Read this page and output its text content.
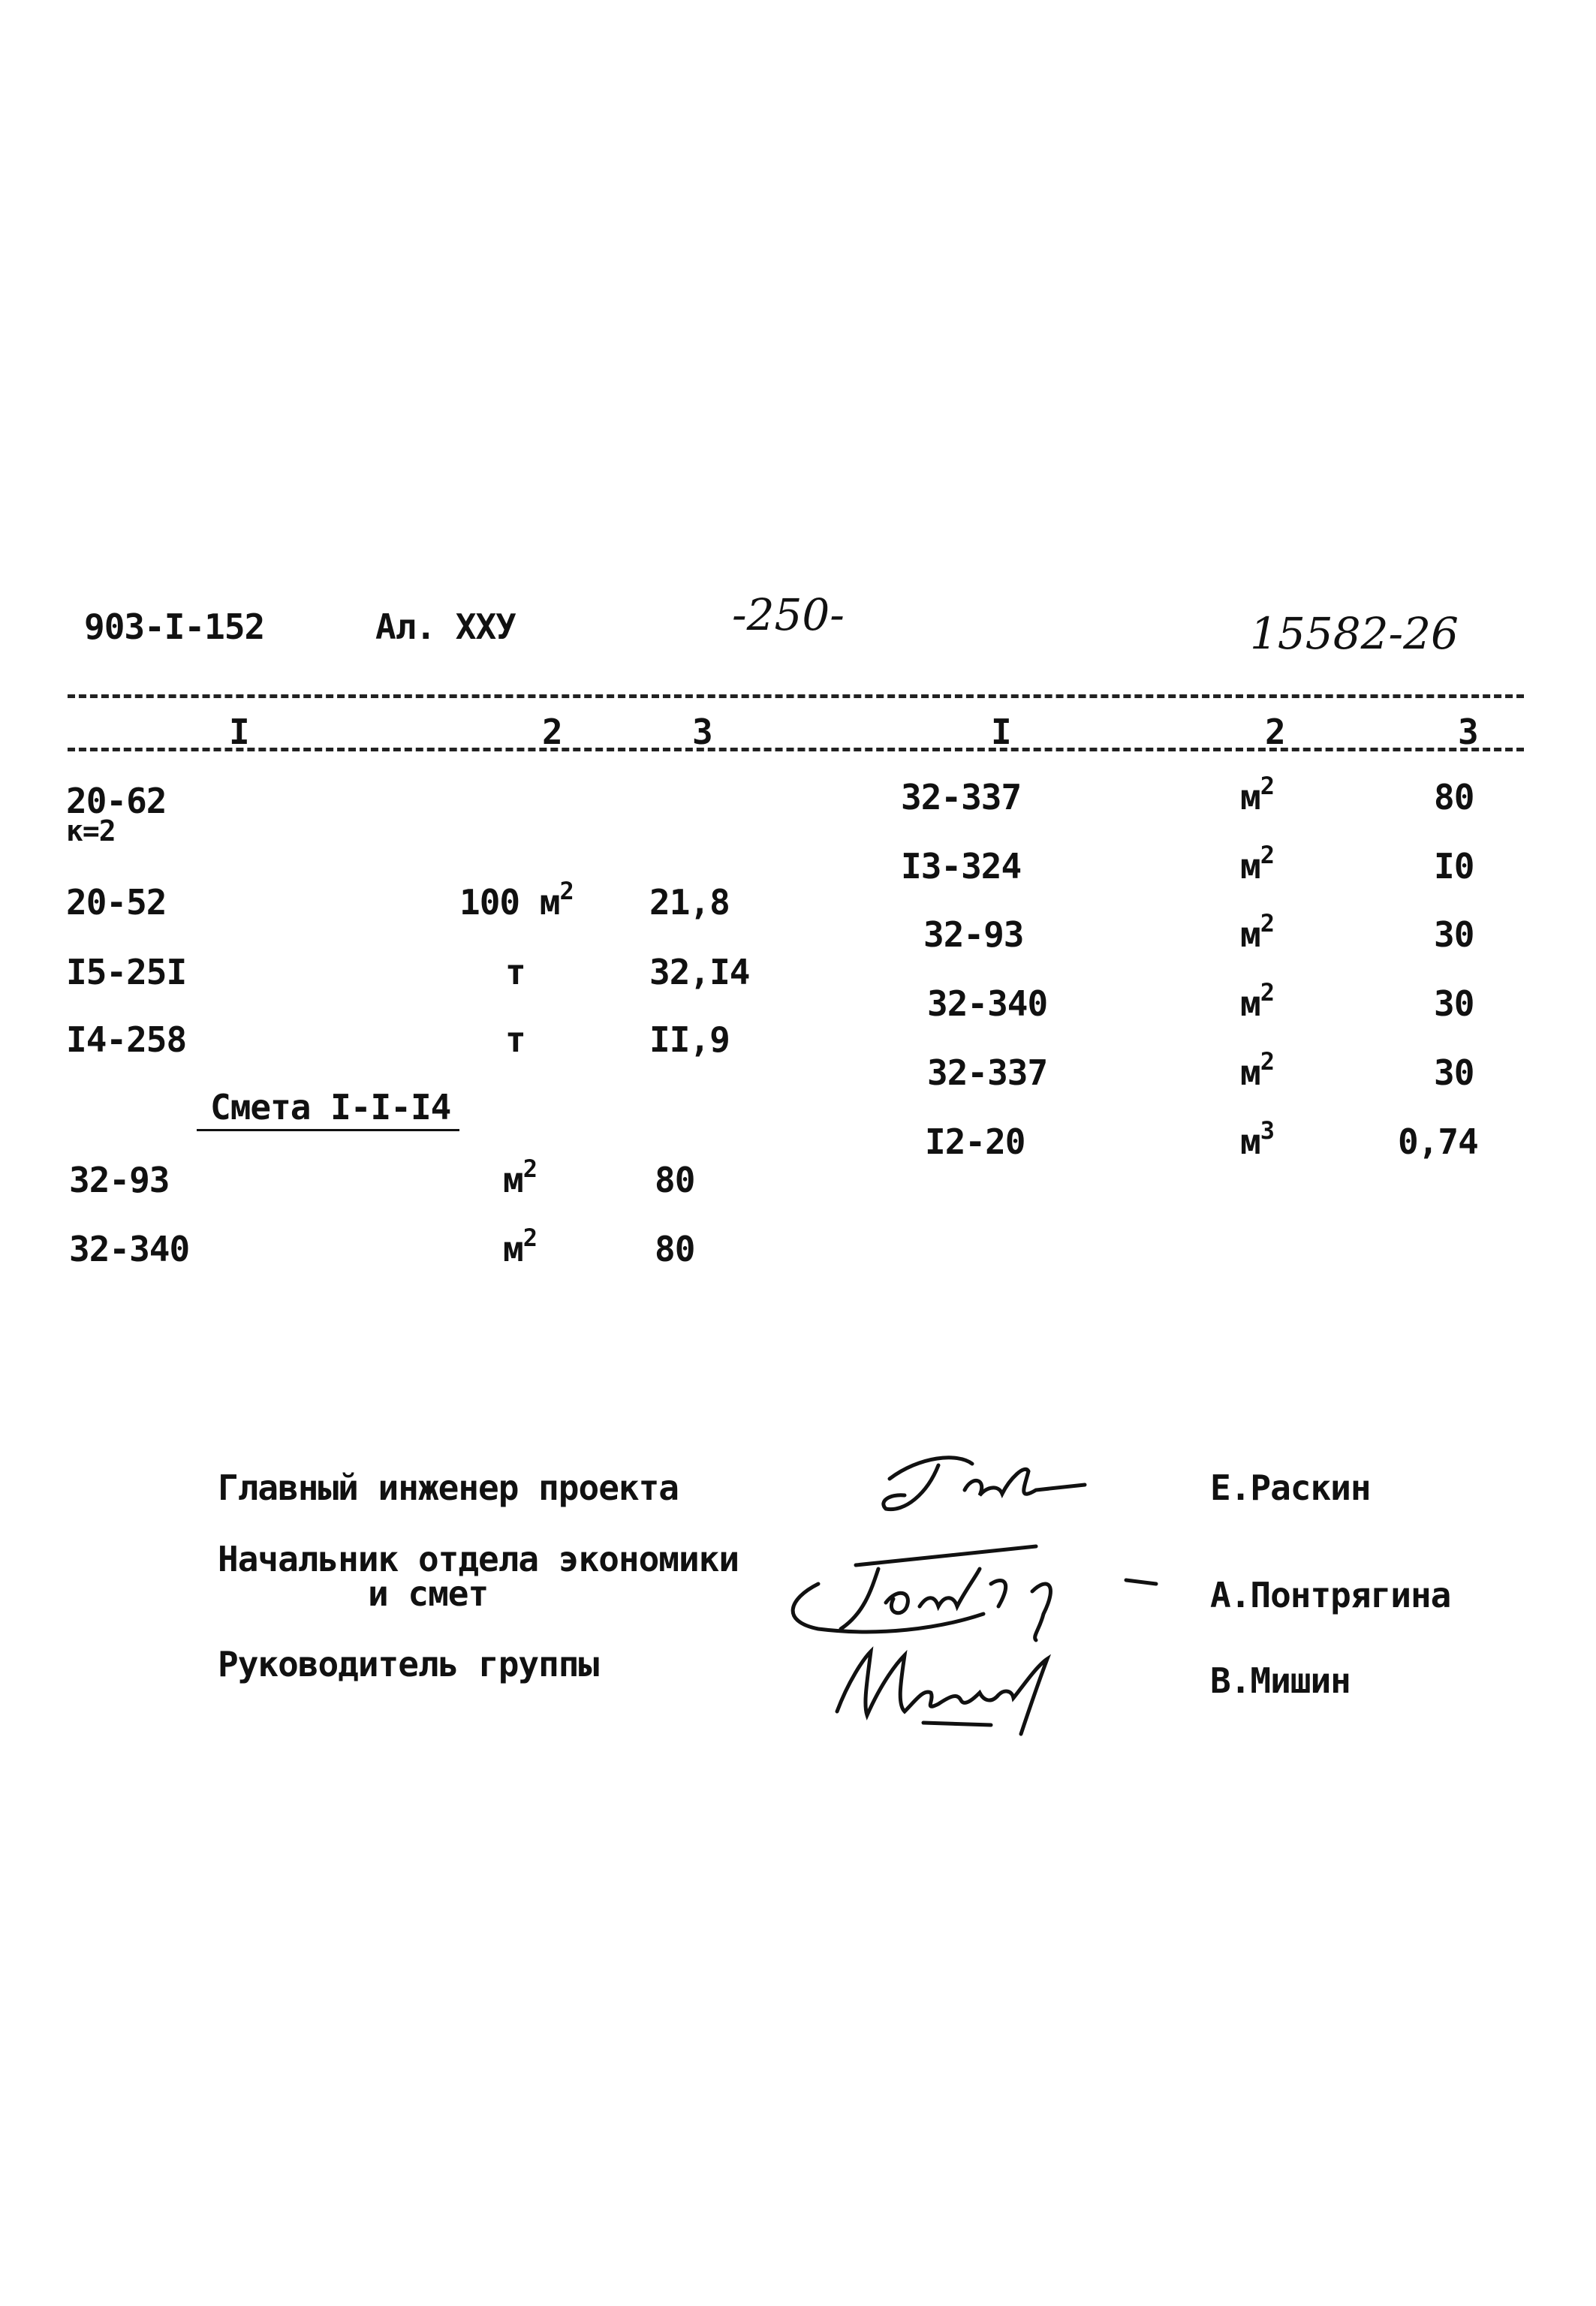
903-I-152	Ал. XXУ	-250-	15582-26
I	2	3	I	2	3
20-62
к=2
20-52	100 $м^2$ 21,8
I5-25I	т	32,I4
I4-258	т	II,9
Смета I-I-I4
32-93	$м^2$	80
32-340	$м^2$	80
32-337	$м^2$	80
I3-324	$м^2$	I0
32-93	$м^2$	30
32-340	$м^2$	30
32-337	$м^2$	30
I2-20	$м^3$	0,74
Главный инженер проекта	Е.Раскин
Начальник отдела экономики
и смет	А.Понтрягина
Руководитель группы	В.Мишин
